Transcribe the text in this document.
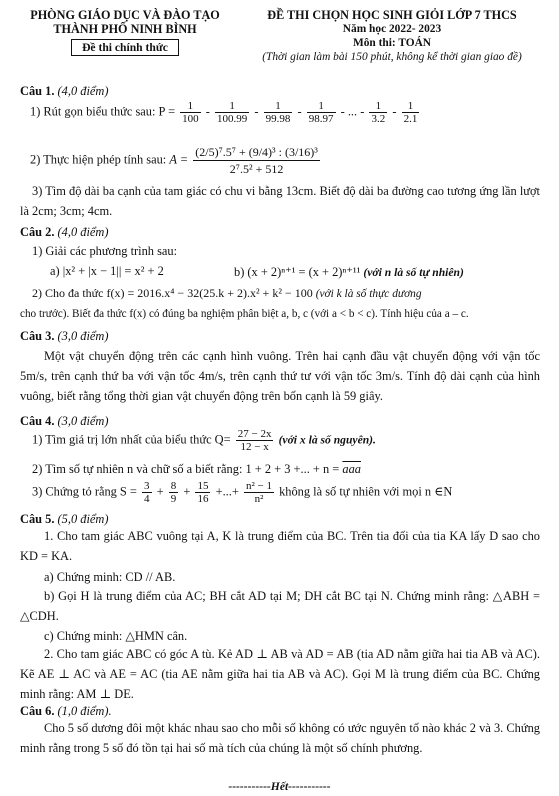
PHÒNG GIÁO DỤC VÀ ĐÀO TẠO
THÀNH PHỐ NINH BÌNH
Đề thi chính thức
ĐỀ THI CHỌN HỌC SINH GIỎI LỚP 7 THCS
Năm học 2022- 2023
Môn thi: TOÁN
(Thời gian làm bài 150 phút, không kể thời gian giao đề)
Câu 1. (4,0 điểm)
1) Rút gọn biểu thức sau: $P = \frac{1}{100} - \frac{1}{100.99} - \frac{1}{99.98} - \frac{1}{98.97}$ - ... - $\frac{1}{3.2} - \frac{1}{2.1}$
2) Thực hiện phép tính sau: $A = \frac{\text{(2/5)⁷.5⁷ + (9/4)³ : (3/16)³}}{\text{2⁷.5² + 512}}$
3) Tìm độ dài ba cạnh của tam giác có chu vi bằng 13cm. Biết độ dài ba đường cao tương ứng lần lượt là 2cm; 3cm; 4cm.
Câu 2. (4,0 điểm)
1) Giải các phương trình sau:
a) |x² + |x − 1|| = x² + 2	b) (x + 2)ⁿ⁺¹ = (x + 2)ⁿ⁺¹¹ (với n là số tự nhiên)
2) Cho đa thức f(x) = 2016.x⁴ − 32(25.k + 2).x² + k² − 100 (với k là số thực dương
cho trước). Biết đa thức f(x) có đúng ba nghiệm phân biệt a, b, c (với a < b < c). Tính hiệu của a – c.
Câu 3. (3,0 điểm)
Một vật chuyển động trên các cạnh hình vuông. Trên hai cạnh đầu vật chuyển động với vận tốc 5m/s, trên cạnh thứ ba với vận tốc 4m/s, trên cạnh thứ tư với vận tốc 3m/s. Tính độ dài cạnh của hình vuông, biết rằng tổng thời gian vật chuyển động trên bốn cạnh là 59 giây.
Câu 4. (3,0 điểm)
1) Tìm giá trị lớn nhất của biểu thức $Q= \frac{27 - 2x}{12 - x}$ (với x là số nguyên).
2) Tìm số tự nhiên n và chữ số a biết rằng: 1 + 2 + 3 +... + $n = \overline{aaa}$
3) Chứng tỏ rằng $S = \frac{3}{4} + \frac{8}{9} + \frac{15}{16}$ +...+ $\frac{\text{n² − 1}}{\text{n²}}$ không là số tự nhiên với mọi n ∈N
Câu 5. (5,0 điểm)
1. Cho tam giác ABC vuông tại A, K là trung điểm của BC. Trên tia đối của tia KA lấy D sao cho KD = KA.
a) Chứng minh: CD // AB.
b) Gọi H là trung điểm của AC; BH cắt AD tại M; DH cắt BC tại N. Chứng minh rằng: △ABH = △CDH.
c) Chứng minh: △HMN cân.
2. Cho tam giác ABC có góc A tù. Kẻ AD ⊥ AB và AD = AB (tia AD nằm giữa hai tia AB và AC). Kẽ AE ⊥ AC và AE = AC (tia AE nằm giữa hai tia AB và AC). Gọi M là trung điểm của BC. Chứng minh rằng: AM ⊥ DE.
Câu 6. (1,0 điểm).
Cho 5 số dương đôi một khác nhau sao cho mỗi số không có ước nguyên tố nào khác 2 và 3. Chứng minh rằng trong 5 số đó tồn tại hai số mà tích của chúng là một số chính phương.
-----------Hết-----------
